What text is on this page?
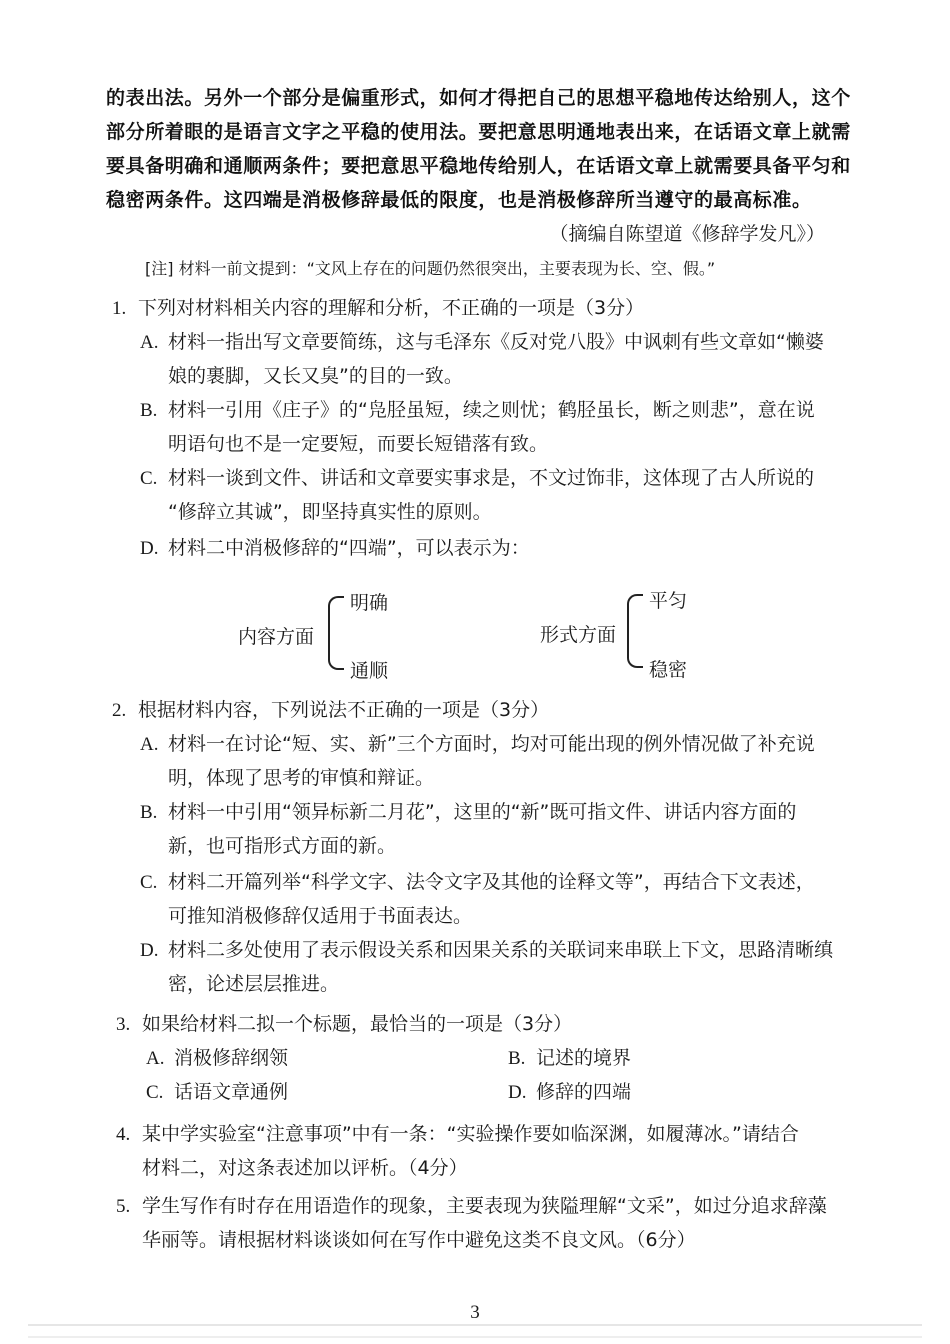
的表出法。另外一个部分是偏重形式，如何才得把自己的思想平稳地传达给别人，这个
部分所着眼的是语言文字之平稳的使用法。要把意思明通地表出来，在话语文章上就需
要具备明确和通顺两条件；要把意思平稳地传给别人，在话语文章上就需要具备平匀和
稳密两条件。这四端是消极修辞最低的限度，也是消极修辞所当遵守的最高标准。
（摘编自陈望道《修辞学发凡》）
[注] 材料一前文提到：“文风上存在的问题仍然很突出，主要表现为长、空、假。”
1. 下列对材料相关内容的理解和分析，不正确的一项是（3分）
A. 材料一指出写文章要简练，这与毛泽东《反对党八股》中讽刺有些文章如“懒婆
娘的裹脚，又长又臭”的目的一致。
B. 材料一引用《庄子》的“凫胫虽短，续之则忧；鹤胫虽长，断之则悲”，意在说
明语句也不是一定要短，而要长短错落有致。
C. 材料一谈到文件、讲话和文章要实事求是，不文过饰非，这体现了古人所说的
“修辞立其诚”，即坚持真实性的原则。
D. 材料二中消极修辞的“四端”，可以表示为：
内容方面
明确
通顺
形式方面
平匀
稳密
2. 根据材料内容，下列说法不正确的一项是（3分）
A. 材料一在讨论“短、实、新”三个方面时，均对可能出现的例外情况做了补充说
明，体现了思考的审慎和辩证。
B. 材料一中引用“领异标新二月花”，这里的“新”既可指文件、讲话内容方面的
新，也可指形式方面的新。
C. 材料二开篇列举“科学文字、法令文字及其他的诠释文等”，再结合下文表述，
可推知消极修辞仅适用于书面表达。
D. 材料二多处使用了表示假设关系和因果关系的关联词来串联上下文，思路清晰缜
密，论述层层推进。
3. 如果给材料二拟一个标题，最恰当的一项是（3分）
A. 消极修辞纲领	B. 记述的境界
C. 话语文章通例	D. 修辞的四端
4. 某中学实验室“注意事项”中有一条：“实验操作要如临深渊，如履薄冰。”请结合
材料二，对这条表述加以评析。（4分）
5. 学生写作有时存在用语造作的现象，主要表现为狭隘理解“文采”，如过分追求辞藻
华丽等。请根据材料谈谈如何在写作中避免这类不良文风。（6分）
3
